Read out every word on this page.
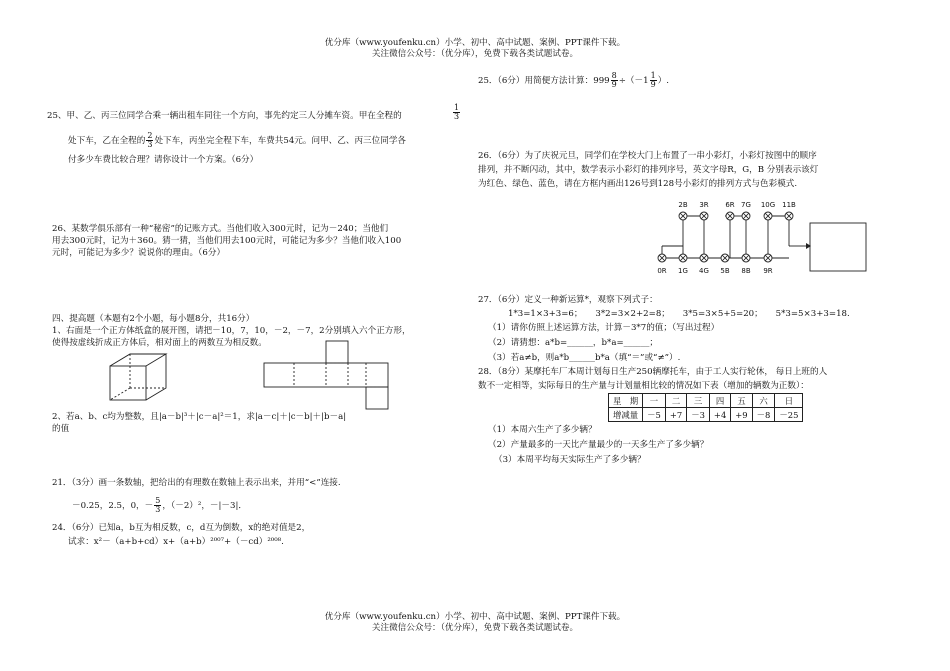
优分库（www.youfenku.cn）小学、初中、高中试题、案例、PPT课件下载。
关注微信公众号：（优分库），免费下载各类试题试卷。
25、甲、乙、丙三位同学合乘一辆出租车同往一个方向，事先约定三人分摊车资。甲在全程的	$\frac{1}{3}$
处下车，乙在全程的 $\frac{2}{3}$ 处下车，丙坐完全程下车，车费共54元。问甲、乙、丙三位同学各
付多少车费比较合理？请你设计一个方案。（6分）
26、某数学俱乐部有一种“秘密”的记账方式。当他们收入300元时，记为－240；当他们
用去300元时，记为＋360。猜一猜，当他们用去100元时，可能记为多少？当他们收入100
元时，可能记为多少？说说你的理由。（6分）
四、提高题（本题有2个小题，每小题8分，共16分）
1、右面是一个正方体纸盒的展开图，请把－10，7，10，－2，－7，2分别填入六个正方形，
使得按虚线折成正方体后，相对面上的两数互为相反数。
2、若a、b、c均为整数，且|a－b|³＋|c－a|²＝1，求|a－c|＋|c－b|＋|b－a|
的值
21．（3分）画一条数轴，把给出的有理数在数轴上表示出来，并用“<”连接.
－0.25，2.5，0，－ $\frac{5}{3}$ ，（－2）²，－|－3|．
24．（6分）已知a，b互为相反数，c，d互为倒数，x的绝对值是2，
试求：x²－（a+b+cd）x+（a+b）²⁰⁰⁷+（－cd）²⁰⁰⁸.
25．（6分）用简便方法计算：$999 \frac{8}{9} \div(-1 \frac{1}{9}$ ）.
26．（6分）为了庆祝元旦，同学们在学校大门上布置了一串小彩灯，小彩灯按图中的顺序
排列，并不断闪动，其中，数学表示小彩灯的排列序号，英文字母R，G，B 分别表示该灯
为红色、绿色、蓝色，请在方框内画出126号到128号小彩灯的排列方式与色彩模式.
2B 3R 6R 7G 10G 11B
0R 1G 4G 5B 8B 9R
27．（6分）定义一种新运算*，观察下列式子：
1*3=1×3+3=6；　　3*2=3×2+2=8；　　3*5=3×5+5=20；　　5*3=5×3+3=18.
（1）请你仿照上述运算方法，计算－3*7的值；（写出过程）
（2）请猜想：a*b=______，b*a=______；
（3）若a≠b，则a*b______b*a（填“＝”或“≠”）.
28．（8分）某摩托车厂本周计划每日生产250辆摩托车，由于工人实行轮休， 每日上班的人
数不一定相等，实际每日的生产量与计划量相比较的情况如下表（增加的辆数为正数）：
星　期	一	二	三	四	五	六	日
增减量	－5	+7	－3	+4	+9	－8	－25
（1）本周六生产了多少辆？
（2）产量最多的一天比产量最少的一天多生产了多少辆？
（3）本周平均每天实际生产了多少辆？
优分库（www.youfenku.cn）小学、初中、高中试题、案例、PPT课件下载。
关注微信公众号：（优分库），免费下载各类试题试卷。
